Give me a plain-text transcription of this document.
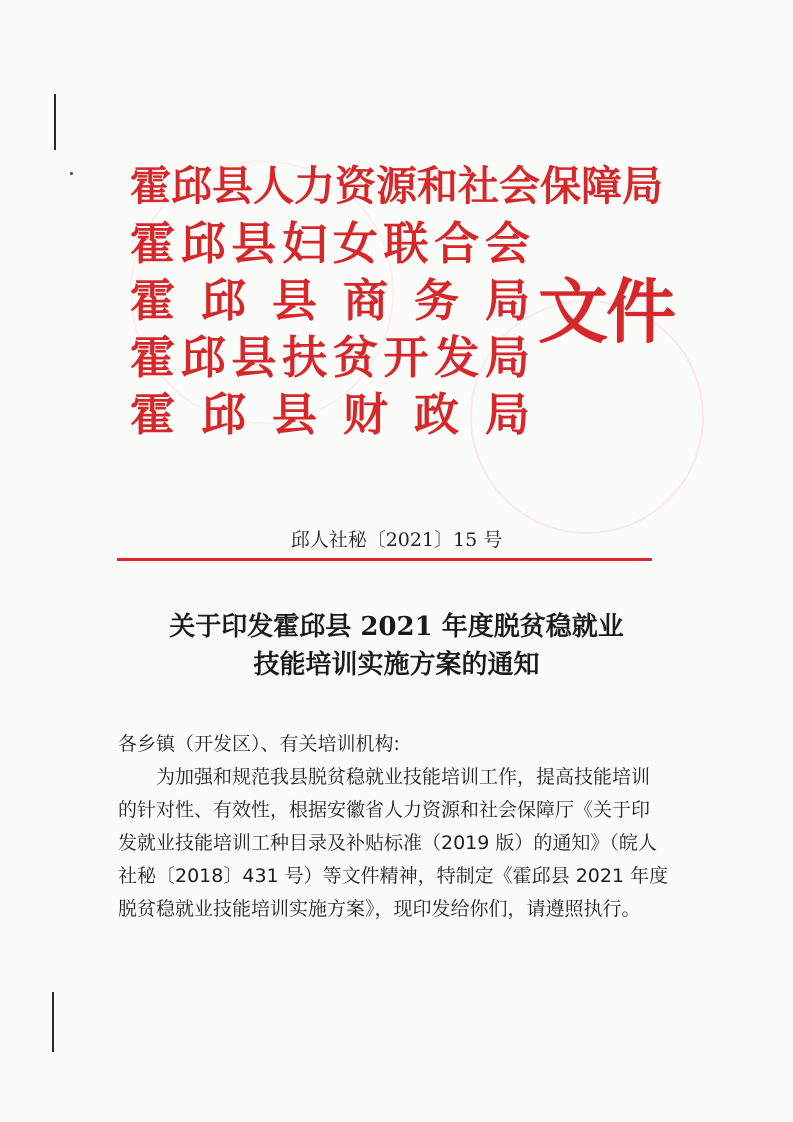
霍 邱 县 人 力 资 源 和 社 会 保 障 局
霍 邱 县 妇 女 联 合 会
霍 邱 县 商 务 局
霍 邱 县 扶 贫 开 发 局
霍 邱 县 财 政 局
文件
邱人社秘〔2021〕15 号
关于印发霍邱县 2021 年度脱贫稳就业
技能培训实施方案的通知
各乡镇（开发区）、有关培训机构:
为加强和规范我县脱贫稳就业技能培训工作，提高技能培训
的针对性、有效性，根据安徽省人力资源和社会保障厅《关于印
发就业技能培训工种目录及补贴标准（2019 版）的通知》（皖人
社秘〔2018〕431 号）等文件精神，特制定《霍邱县 2021 年度
脱贫稳就业技能培训实施方案》，现印发给你们，请遵照执行。
